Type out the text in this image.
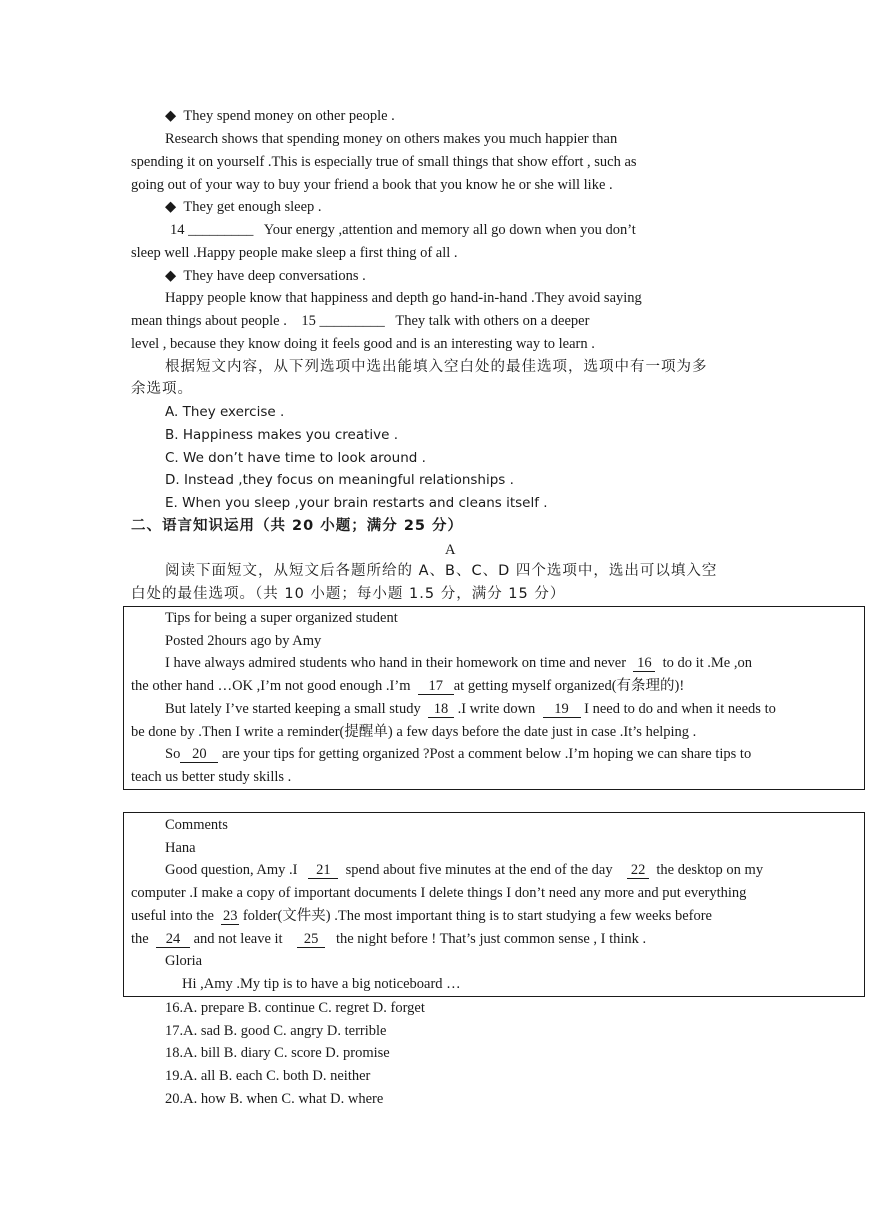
◆ They spend money on other people .
Research shows that spending money on others makes you much happier than
spending it on yourself .This is especially true of small things that show effort , such as
going out of your way to buy your friend a book that you know he or she will like .
◆ They get enough sleep .
14 _________ Your energy ,attention and memory all go down when you don’t
sleep well .Happy people make sleep a first thing of all .
◆ They have deep conversations .
Happy people know that happiness and depth go hand-in-hand .They avoid saying
mean things about people . 15 _________ They talk with others on a deeper
level , because they know doing it feels good and is an interesting way to learn .
根据短文内容，从下列选项中选出能填入空白处的最佳选项，选项中有一项为多
余选项。
A. They exercise .
B. Happiness makes you creative .
C. We don’t have time to look around .
D. Instead ,they focus on meaningful relationships .
E. When you sleep ,your brain restarts and cleans itself .
二、语言知识运用（共 20 小题；满分 25 分）
A
阅读下面短文，从短文后各题所给的 A、B、C、D 四个选项中，选出可以填入空
白处的最佳选项。（共 10 小题；每小题 1.5 分，满分 15 分）
Tips for being a super organized student
Posted 2hours ago by Amy
I have always admired students who hand in their homework on time and never 16 to do it .Me ,on
the other hand …OK ,I’m not good enough .I’m 17 at getting myself organized(有条理的)!
But lately I’ve started keeping a small study 18 .I write down 19 I need to do and when it needs to
be done by .Then I write a reminder(提醒单) a few days before the date just in case .It’s helping .
So 20 are your tips for getting organized ?Post a comment below .I’m hoping we can share tips to
teach us better study skills .
Comments
Hana
Good question, Amy .I 21 spend about five minutes at the end of the day 22 the desktop on my
computer .I make a copy of important documents I delete things I don’t need any more and put everything
useful into the 23 folder(文件夹) .The most important thing is to start studying a few weeks before
the 24 and not leave it 25 the night before ! That’s just common sense , I think .
Gloria
Hi ,Amy .My tip is to have a big noticeboard …
16.A. prepare B. continue C. regret D. forget
17.A. sad B. good C. angry D. terrible
18.A. bill B. diary C. score D. promise
19.A. all B. each C. both D. neither
20.A. how B. when C. what D. where
